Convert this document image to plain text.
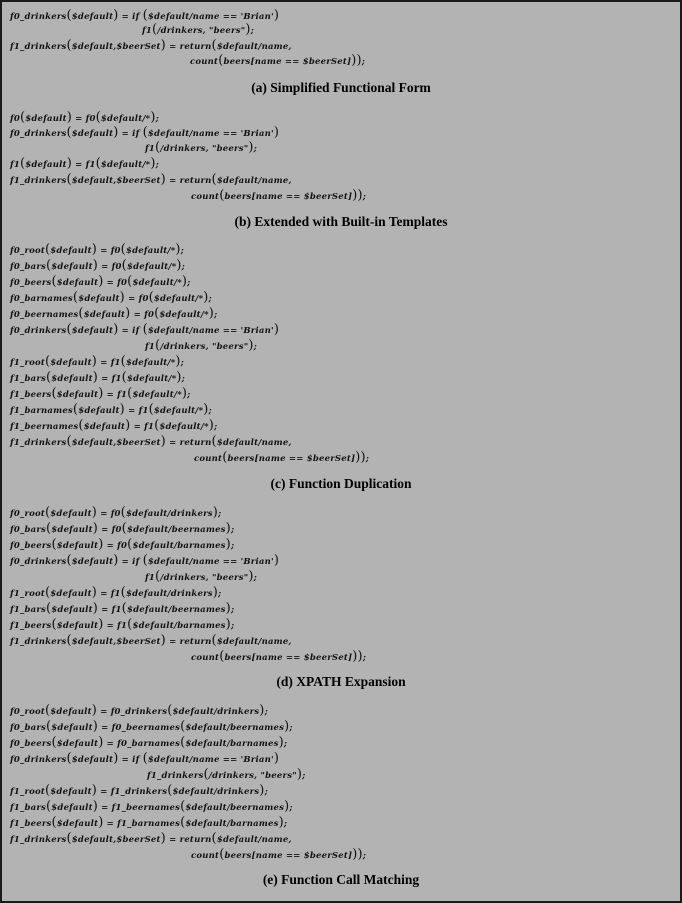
f0_drinkers($default) = if ($default/name == 'Brian')
f1(/drinkers, "beers");
f1_drinkers($default,$beerSet) = return($default/name,
count(beers[name == $beerSet]));
(a) Simplified Functional Form
f0($default) = f0($default/*);
f0_drinkers($default) = if ($default/name == 'Brian')
f1(/drinkers, "beers");
f1($default) = f1($default/*);
f1_drinkers($default,$beerSet) = return($default/name,
count(beers[name == $beerSet]));
(b) Extended with Built-in Templates
f0_root($default) = f0($default/*);
f0_bars($default) = f0($default/*);
f0_beers($default) = f0($default/*);
f0_barnames($default) = f0($default/*);
f0_beernames($default) = f0($default/*);
f0_drinkers($default) = if ($default/name == 'Brian')
f1(/drinkers, "beers");
f1_root($default) = f1($default/*);
f1_bars($default) = f1($default/*);
f1_beers($default) = f1($default/*);
f1_barnames($default) = f1($default/*);
f1_beernames($default) = f1($default/*);
f1_drinkers($default,$beerSet) = return($default/name,
count(beers[name == $beerSet]));
(c) Function Duplication
f0_root($default) = f0($default/drinkers);
f0_bars($default) = f0($default/beernames);
f0_beers($default) = f0($default/barnames);
f0_drinkers($default) = if ($default/name == 'Brian')
f1(/drinkers, "beers");
f1_root($default) = f1($default/drinkers);
f1_bars($default) = f1($default/beernames);
f1_beers($default) = f1($default/barnames);
f1_drinkers($default,$beerSet) = return($default/name,
count(beers[name == $beerSet]));
(d) XPATH Expansion
f0_root($default) = f0_drinkers($default/drinkers);
f0_bars($default) = f0_beernames($default/beernames);
f0_beers($default) = f0_barnames($default/barnames);
f0_drinkers($default) = if ($default/name == 'Brian')
f1_drinkers(/drinkers, "beers");
f1_root($default) = f1_drinkers($default/drinkers);
f1_bars($default) = f1_beernames($default/beernames);
f1_beers($default) = f1_barnames($default/barnames);
f1_drinkers($default,$beerSet) = return($default/name,
count(beers[name == $beerSet]));
(e) Function Call Matching
